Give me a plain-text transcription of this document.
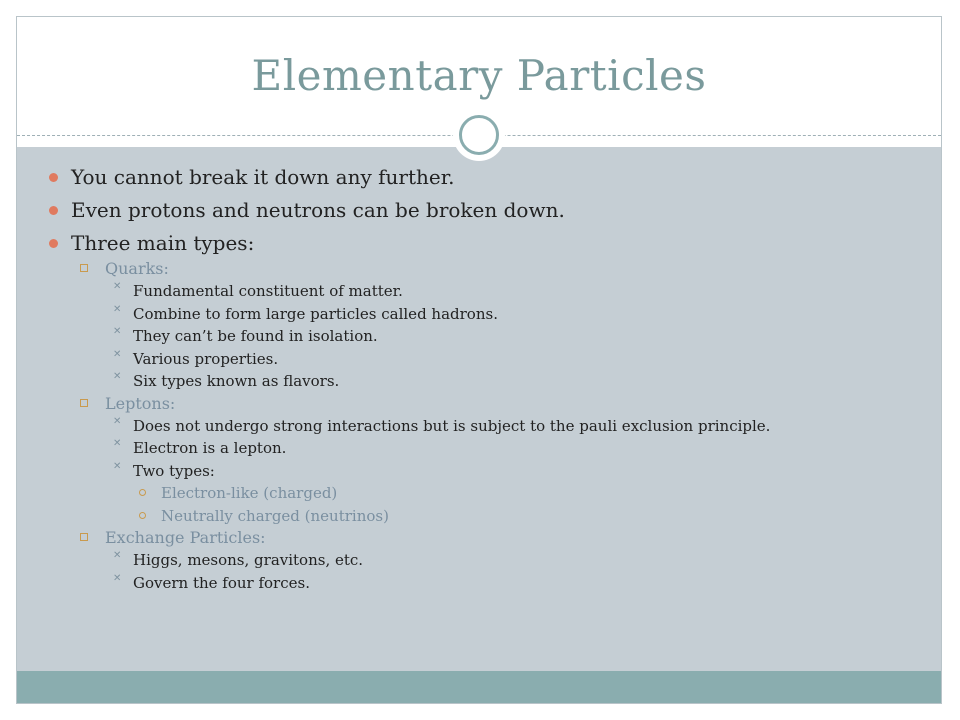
Elementary Particles
You cannot break it down any further.
Even protons and neutrons can be broken down.
Three main types:
Quarks:
✕ Fundamental constituent of matter.
✕ Combine to form large particles called hadrons.
✕ They can’t be found in isolation.
✕ Various properties.
✕ Six types known as flavors.
Leptons:
✕ Does not undergo strong interactions but is subject to the pauli exclusion principle.
✕ Electron is a lepton.
✕ Two types:
Electron-like (charged)
Neutrally charged (neutrinos)
Exchange Particles:
✕ Higgs, mesons, gravitons, etc.
✕ Govern the four forces.
